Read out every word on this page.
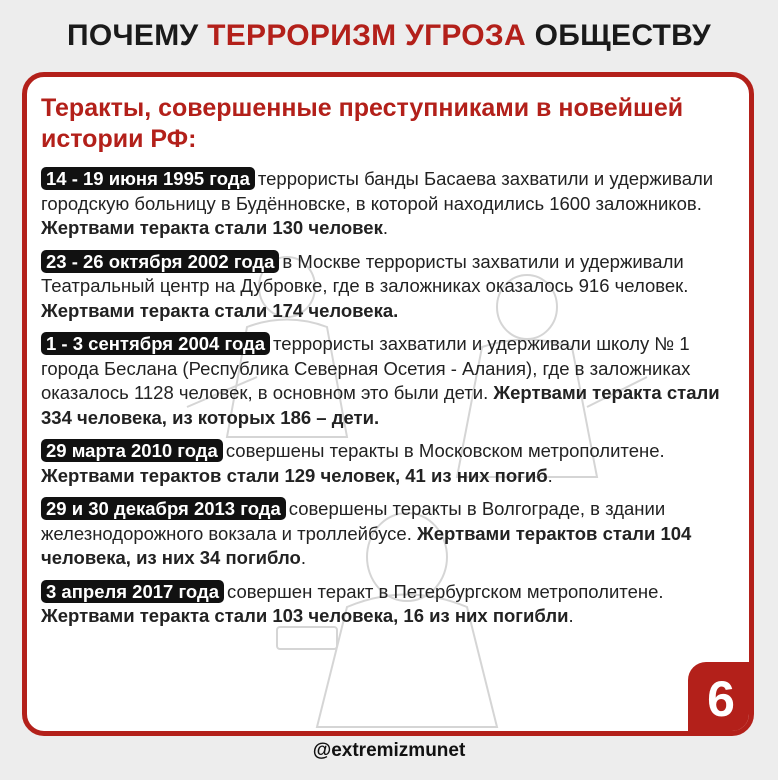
ПОЧЕМУ ТЕРРОРИЗМ УГРОЗА ОБЩЕСТВУ
Теракты, совершенные преступниками в новейшей истории РФ:
14 - 19 июня 1995 года террористы банды Басаева захватили и удерживали городскую больницу в Будённовске, в которой находились 1600 заложников. Жертвами теракта стали 130 человек.
23 - 26 октября 2002 года в Москве террористы захватили и удерживали Театральный центр на Дубровке, где в заложниках оказалось 916 человек. Жертвами теракта стали 174 человека.
1 - 3 сентября 2004 года террористы захватили и удерживали школу № 1 города Беслана (Республика Северная Осетия - Алания), где в заложниках оказалось 1128 человек, в основном это были дети. Жертвами теракта стали 334 человека, из которых 186 – дети.
29 марта 2010 года совершены теракты в Московском метрополитене. Жертвами терактов стали 129 человек, 41 из них погиб.
29 и 30 декабря 2013 года совершены теракты в Волгограде, в здании железнодорожного вокзала и троллейбусе. Жертвами терактов стали 104 человека, из них 34 погибло.
3 апреля 2017 года совершен теракт в Петербургском метрополитене. Жертвами теракта стали 103 человека, 16 из них погибли.
6
@extremizmunet
